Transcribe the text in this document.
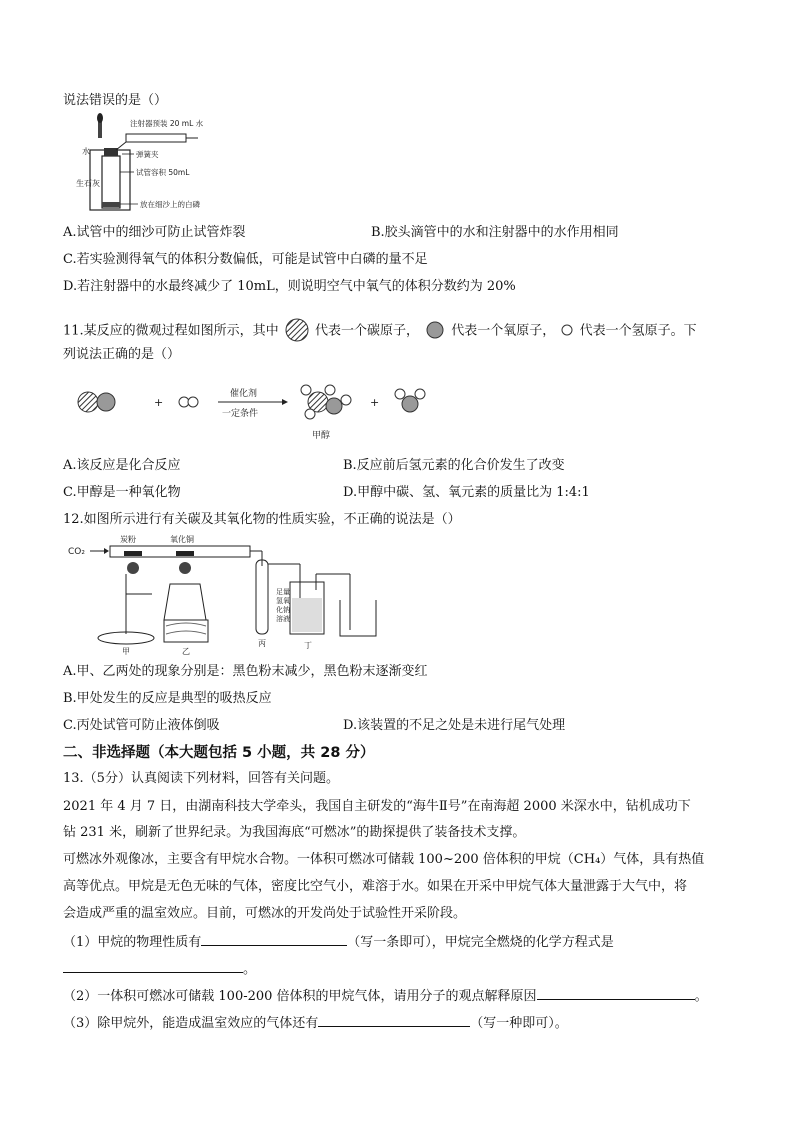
说法错误的是（）
注射器预装 20 mL 水
弹簧夹
试管容积 50mL
放在细沙上的白磷
水
生石灰
A.试管中的细沙可防止试管炸裂	B.胶头滴管中的水和注射器中的水作用相同
C.若实验测得氧气的体积分数偏低，可能是试管中白磷的量不足
D.若注射器中的水最终减少了 10mL，则说明空气中氧气的体积分数约为 20%
11.某反应的微观过程如图所示，其中	代表一个碳原子， 代表一个氧原子， 代表一个氢原子。下
列说法正确的是（）
+
催化剂
一定条件
甲醇
+
A.该反应是化合反应	B.反应前后氢元素的化合价发生了改变
C.甲醇是一种氧化物	D.甲醇中碳、氢、氧元素的质量比为 1:4:1
12.如图所示进行有关碳及其氧化物的性质实验，不正确的说法是（）
CO₂
炭粉	氧化铜
甲	乙
丙
足量 氢氧 化钠 溶液
丁
A.甲、乙两处的现象分别是：黑色粉末减少，黑色粉末逐渐变红
B.甲处发生的反应是典型的吸热反应
C.丙处试管可防止液体倒吸	D.该装置的不足之处是未进行尾气处理
二、非选择题（本大题包括 5 小题，共 28 分）
13.（5分）认真阅读下列材料，回答有关问题。
2021 年 4 月 7 日，由湖南科技大学牵头，我国自主研发的“海牛Ⅱ号”在南海超 2000 米深水中，钻机成功下
钻 231 米，刷新了世界纪录。为我国海底“可燃冰”的勘探提供了装备技术支撑。
可燃冰外观像冰，主要含有甲烷水合物。一体积可燃冰可储载 100~200 倍体积的甲烷（CH₄）气体，具有热值
高等优点。甲烷是无色无味的气体，密度比空气小，难溶于水。如果在开采中甲烷气体大量泄露于大气中，将
会造成严重的温室效应。目前，可燃冰的开发尚处于试验性开采阶段。
（1）甲烷的物理性质有	（写一条即可），甲烷完全燃烧的化学方程式是
。
（2）一体积可燃冰可储载 100-200 倍体积的甲烷气体，请用分子的观点解释原因	。
（3）除甲烷外，能造成温室效应的气体还有	（写一种即可）。
